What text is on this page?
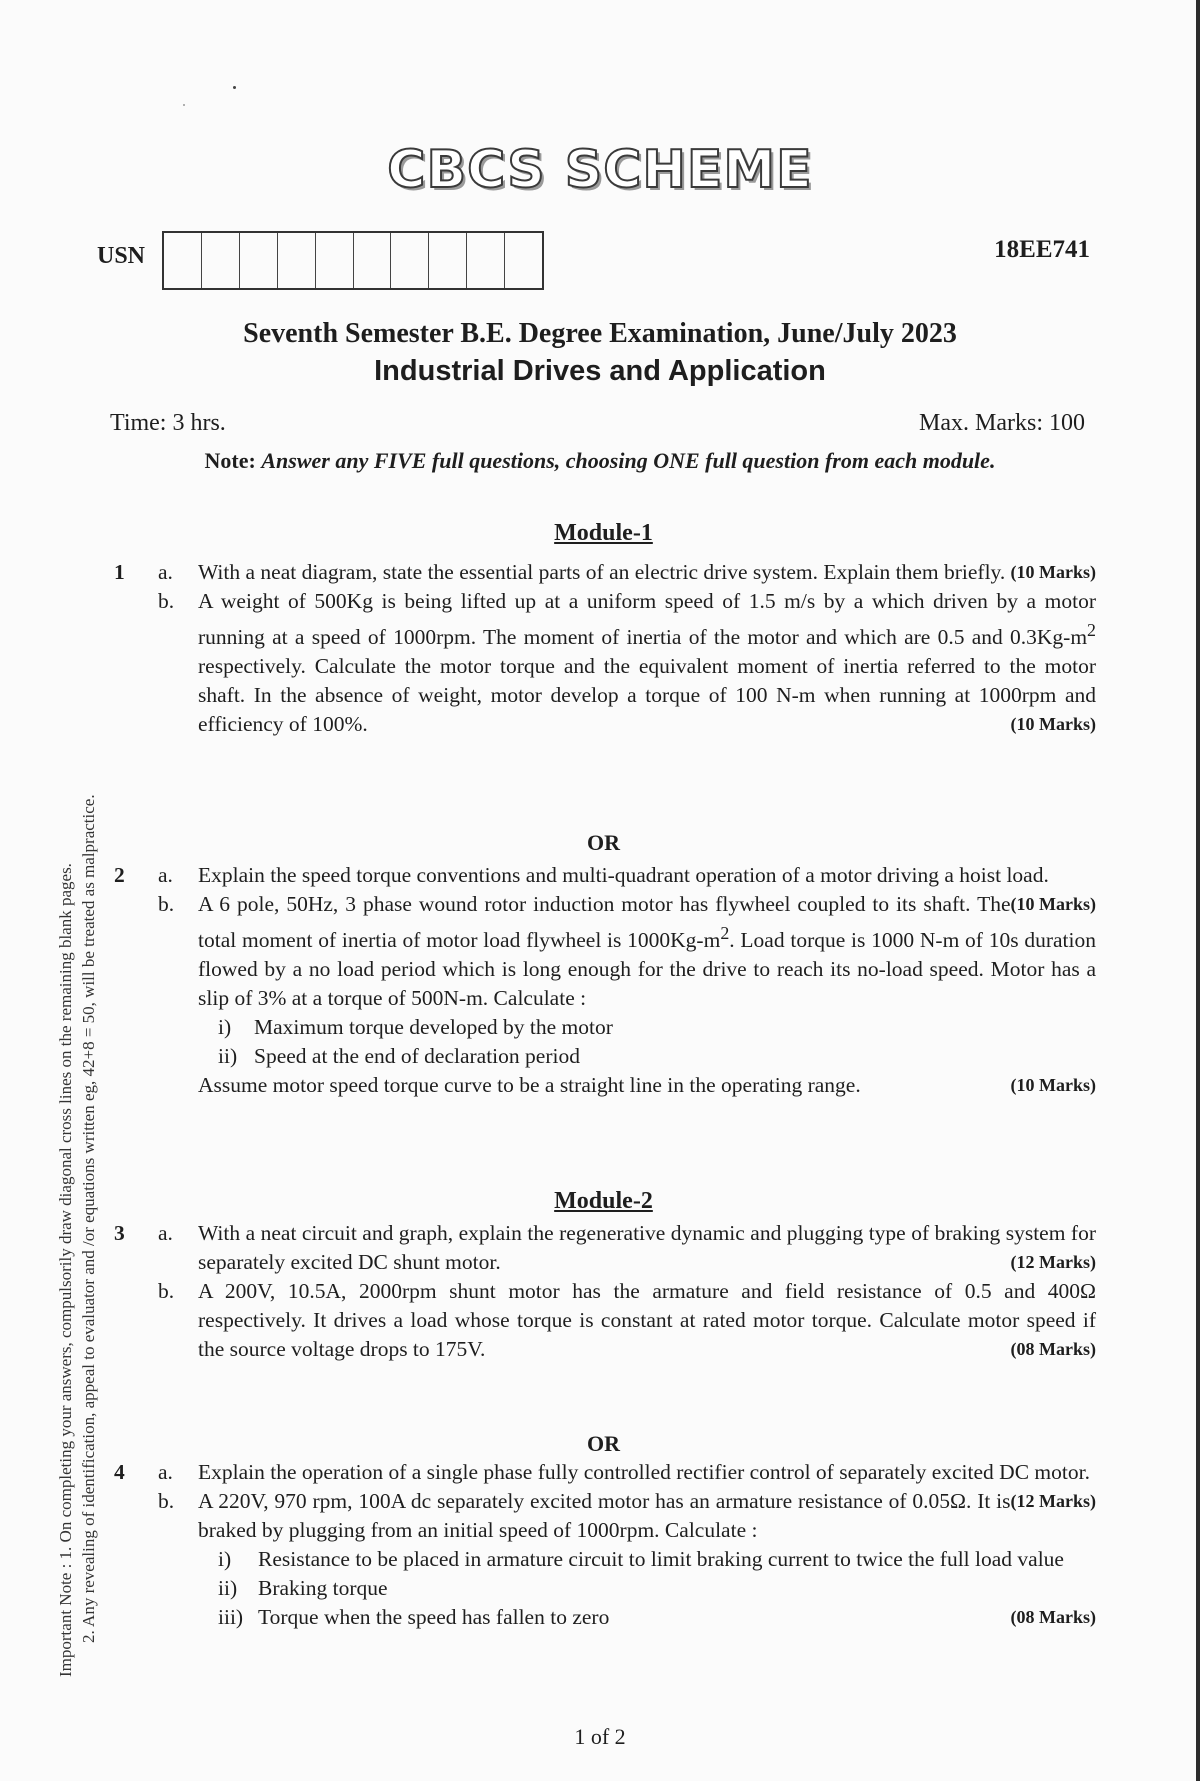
CBCS SCHEME
USN	18EE741
Seventh Semester B.E. Degree Examination, June/July 2023
Industrial Drives and Application
Time: 3 hrs.	Max. Marks: 100
Note: Answer any FIVE full questions, choosing ONE full question from each module.
Important Note : 1. On completing your answers, compulsorily draw diagonal cross lines on the remaining blank pages. 2. Any revealing of identification, appeal to evaluator and /or equations written eg, 42+8 = 50, will be treated as malpractice.
Module-1
1 a. With a neat diagram, state the essential parts of an electric drive system. Explain them briefly. (10 Marks)
b. A weight of 500Kg is being lifted up at a uniform speed of 1.5 m/s by a which driven by a motor running at a speed of 1000rpm. The moment of inertia of the motor and which are 0.5 and $0.3Kg-m^2$ respectively. Calculate the motor torque and the equivalent moment of inertia referred to the motor shaft. In the absence of weight, motor develop a torque of 100 N-m when running at 1000rpm and efficiency of 100%.	(10 Marks)
OR
2 a. Explain the speed torque conventions and multi-quadrant operation of a motor driving a hoist load.
(10 Marks)
b. A 6 pole, 50Hz, 3 phase wound rotor induction motor has flywheel coupled to its shaft. The total moment of inertia of motor load flywheel is $1000Kg-m^2$. Load torque is 1000 N-m of 10s duration flowed by a no load period which is long enough for the drive to reach its no-load speed. Motor has a slip of 3% at a torque of 500N-m. Calculate :
i)	Maximum torque developed by the motor
ii) Speed at the end of declaration period
Assume motor speed torque curve to be a straight line in the operating range.	(10 Marks)
Module-2
3 a. With a neat circuit and graph, explain the regenerative dynamic and plugging type of braking system for separately excited DC shunt motor.	(12 Marks)
b. A 200V, 10.5A, 2000rpm shunt motor has the armature and field resistance of 0.5 and 400Ω respectively. It drives a load whose torque is constant at rated motor torque. Calculate motor speed if the source voltage drops to 175V.	(08 Marks)
OR
4 a. Explain the operation of a single phase fully controlled rectifier control of separately excited DC motor.
(12 Marks)
b. A 220V, 970 rpm, 100A dc separately excited motor has an armature resistance of 0.05Ω. It is braked by plugging from an initial speed of 1000rpm. Calculate :
i)	Resistance to be placed in armature circuit to limit braking current to twice the full load value
ii) Braking torque
iii) Torque when the speed has fallen to zero	(08 Marks)
1 of 2
